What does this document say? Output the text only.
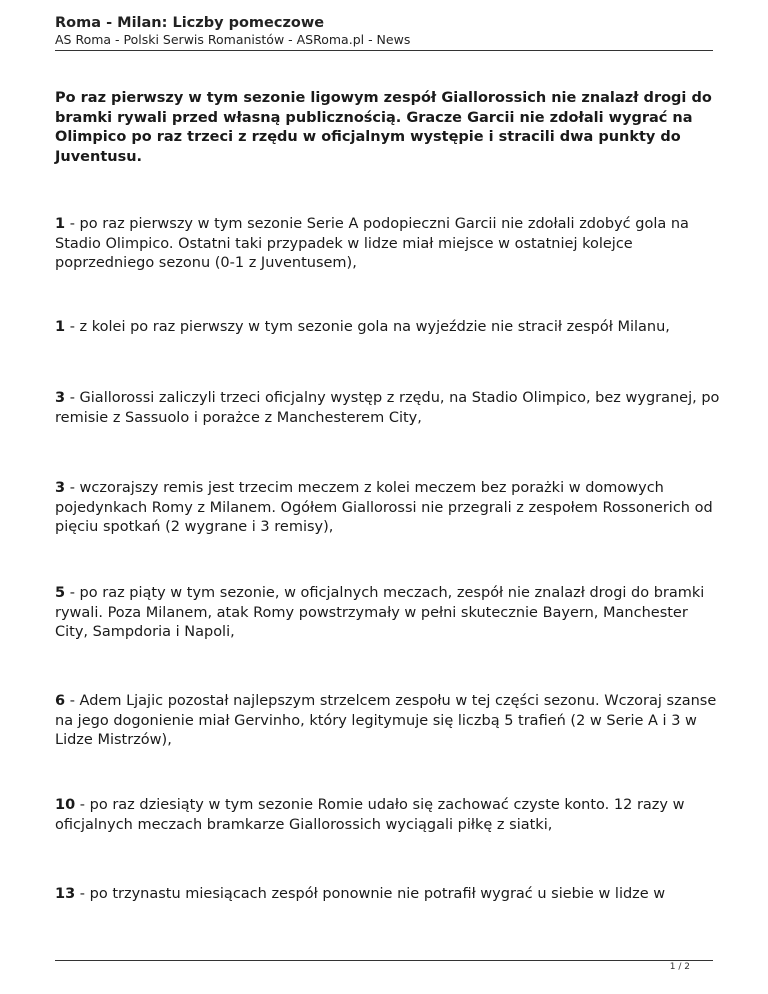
Roma - Milan: Liczby pomeczowe
AS Roma - Polski Serwis Romanistów - ASRoma.pl - News
Po raz pierwszy w tym sezonie ligowym zespół Giallorossich nie znalazł drogi do bramki rywali przed własną publicznością. Gracze Garcii nie zdołali wygrać na Olimpico po raz trzeci z rzędu w oficjalnym występie i stracili dwa punkty do Juventusu.
1 - po raz pierwszy w tym sezonie Serie A podopieczni Garcii nie zdołali zdobyć gola na Stadio Olimpico. Ostatni taki przypadek w lidze miał miejsce w ostatniej kolejce poprzedniego sezonu (0-1 z Juventusem),
1 - z kolei po raz pierwszy w tym sezonie gola na wyjeździe nie stracił zespół Milanu,
3 - Giallorossi zaliczyli trzeci oficjalny występ z rzędu, na Stadio Olimpico, bez wygranej, po remisie z Sassuolo i porażce z Manchesterem City,
3 - wczorajszy remis jest trzecim meczem z kolei meczem bez porażki w domowych pojedynkach Romy z Milanem. Ogółem Giallorossi nie przegrali z zespołem Rossonerich od pięciu spotkań (2 wygrane i 3 remisy),
5 - po raz piąty w tym sezonie, w oficjalnych meczach, zespół nie znalazł drogi do bramki rywali. Poza Milanem, atak Romy powstrzymały w pełni skutecznie Bayern, Manchester City, Sampdoria i Napoli,
6 - Adem Ljajic pozostał najlepszym strzelcem zespołu w tej części sezonu. Wczoraj szanse na jego dogonienie miał Gervinho, który legitymuje się liczbą 5 trafień (2 w Serie A i 3 w Lidze Mistrzów),
10 - po raz dziesiąty w tym sezonie Romie udało się zachować czyste konto. 12 razy w oficjalnych meczach bramkarze Giallorossich wyciągali piłkę z siatki,
13 - po trzynastu miesiącach zespół ponownie nie potrafił wygrać u siebie w lidze w
1 / 2
